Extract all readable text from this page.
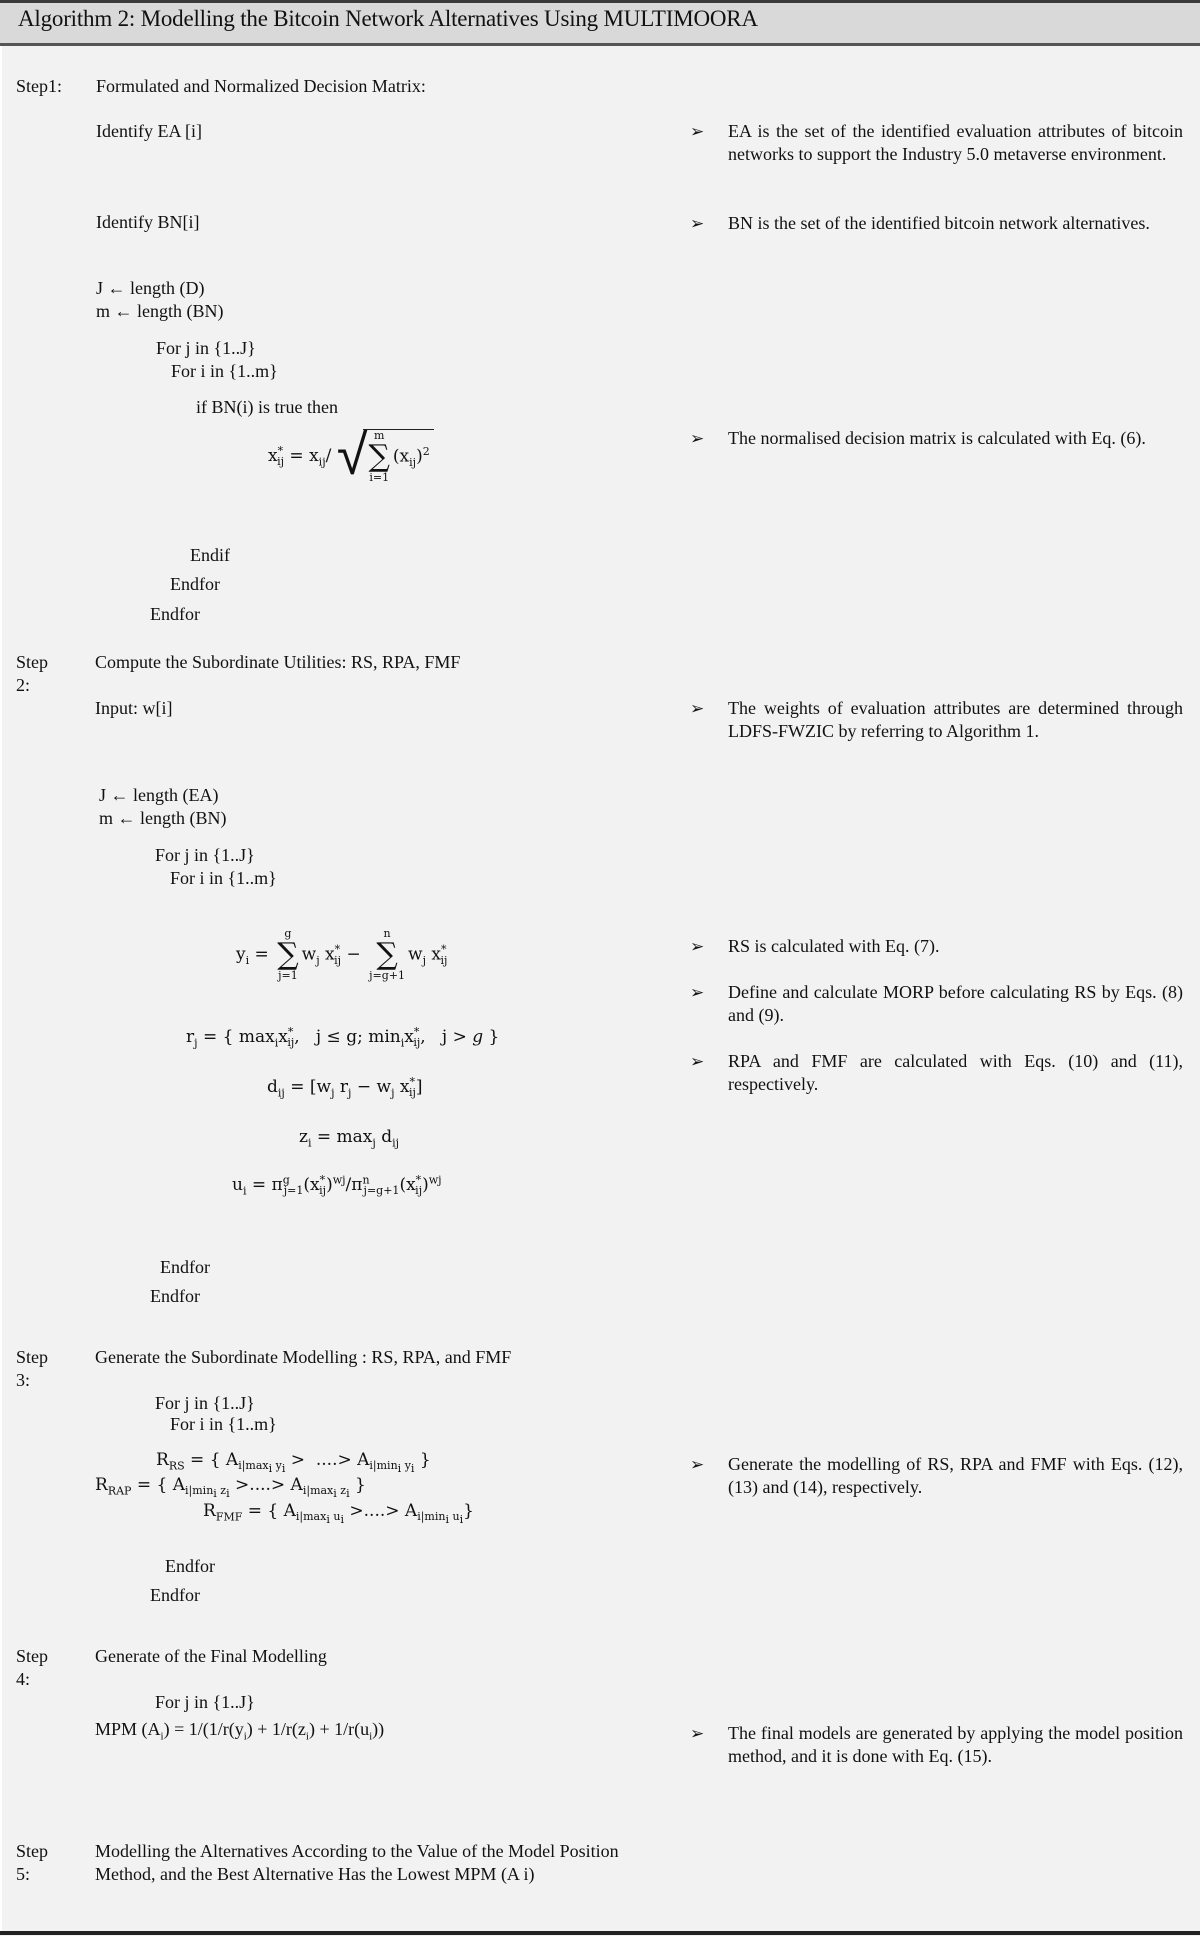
Algorithm 2: Modelling the Bitcoin Network Alternatives Using MULTIMOORA
Step1: Formulated and Normalized Decision Matrix:
Identify EA [i]
Identify BN[i]
J ← length (D)
m ← length (BN)
For j in {1..J}
For i in {1..m}
if BN(i) is true then
$x^*_{ij} = x_{ij}/$ √ m
∑
i=1
$(x_{ij})^2$
Endif
Endfor
Endfor
➢ EA is the set of the identified evaluation attributes of bitcoin networks to support the Industry 5.0 metaverse environment.
➢ BN is the set of the identified bitcoin network alternatives.
➢ The normalised decision matrix is calculated with Eq. (6).
Step
2:
Compute the Subordinate Utilities: RS, RPA, FMF
Input: w[i]
J ← length (EA)
m ← length (BN)
For j in {1..J}
For i in {1..m}
$y_i$ =
g
∑
j=1
$w_j$ $x^*_{ij}$ −
n
∑
j=g+1
$w_j$ $x^*_{ij}$
$r_j$ = { $\max_ix^*_{ij}$,   j ≤ g; $\min_ix^*_{ij}$,   j > g }
$d_{ij} = [w_j$ $r_j - w_j$ $x^*_{ij}$]
$z_i = \max_j d_{ij}$
$u_i = \pi^g_{j=1}(x^*_{ij})^{wj}/\pi^n_{j=g+1}(x^*_{ij})^{wj}$
Endfor
Endfor
➢ The weights of evaluation attributes are determined through LDFS-FWZIC by referring to Algorithm 1.
➢ RS is calculated with Eq. (7).
➢ Define and calculate MORP before calculating RS by Eqs. (8) and (9).
➢ RPA and FMF are calculated with Eqs. (10) and (11), respectively.
Step
3:
Generate the Subordinate Modelling : RS, RPA, and FMF
For j in {1..J}
For i in {1..m}
$R_{RS}$ = { $A_{i|max_i y_i}$ >  ....> $A_{i|min_i y_i}$ }
$R_{RAP}$ = { $A_{i|min_i z_i}$ >....> $A_{i|max_i z_i}$ }
$R_{FMF}$ = { $A_{i|max_i u_i}$ >....> $A_{i|min_i u_i}$}
Endfor
Endfor
➢ Generate the modelling of RS, RPA and FMF with Eqs. (12), (13) and (14), respectively.
Step
4:
Generate of the Final Modelling
For j in {1..J}
MPM $(A_i) = 1/(1/r(y_i) + 1/r(z_i) + 1/r(u_i))$	➢ The final models are generated by applying the model position method, and it is done with Eq. (15).
Step
5:
Modelling the Alternatives According to the Value of the Model Position Method, and the Best Alternative Has the Lowest MPM (A i)
